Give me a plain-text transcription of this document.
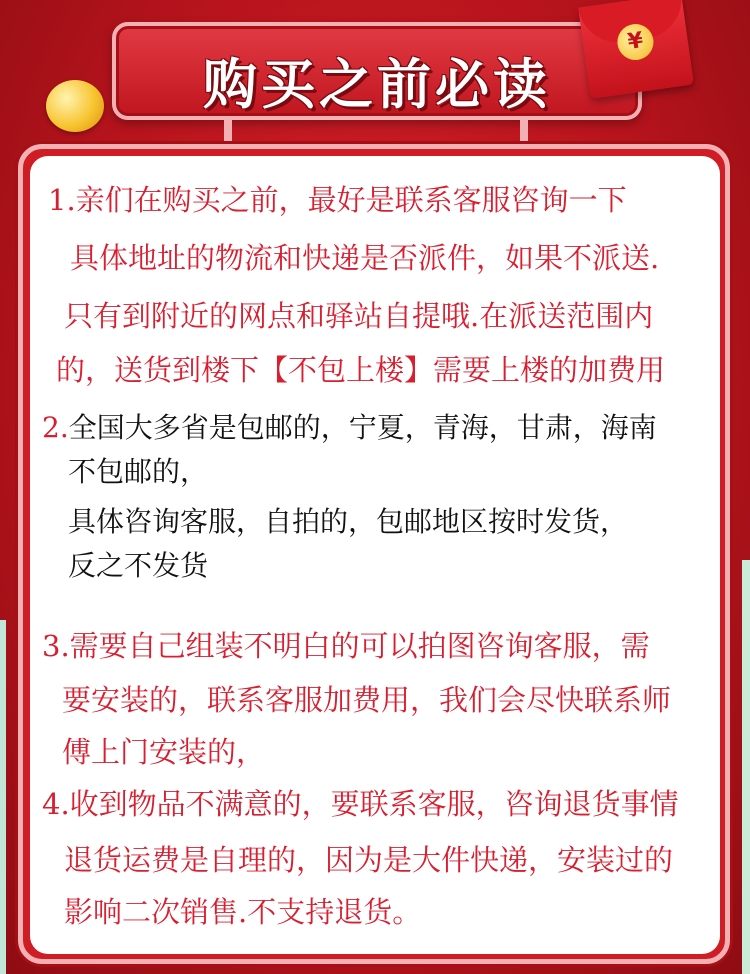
购买之前必读
¥
1.亲们在购买之前，最好是联系客服咨询一下
具体地址的物流和快递是否派件，如果不派送.
只有到附近的网点和驿站自提哦.在派送范围内
的，送货到楼下【不包上楼】需要上楼的加费用
2.全国大多省是包邮的，宁夏，青海，甘肃，海南
不包邮的，
具体咨询客服，自拍的，包邮地区按时发货，
反之不发货
3.需要自己组装不明白的可以拍图咨询客服，需
要安装的，联系客服加费用，我们会尽快联系师
傅上门安装的，
4.收到物品不满意的，要联系客服，咨询退货事情
退货运费是自理的，因为是大件快递，安装过的
影响二次销售.不支持退货。
